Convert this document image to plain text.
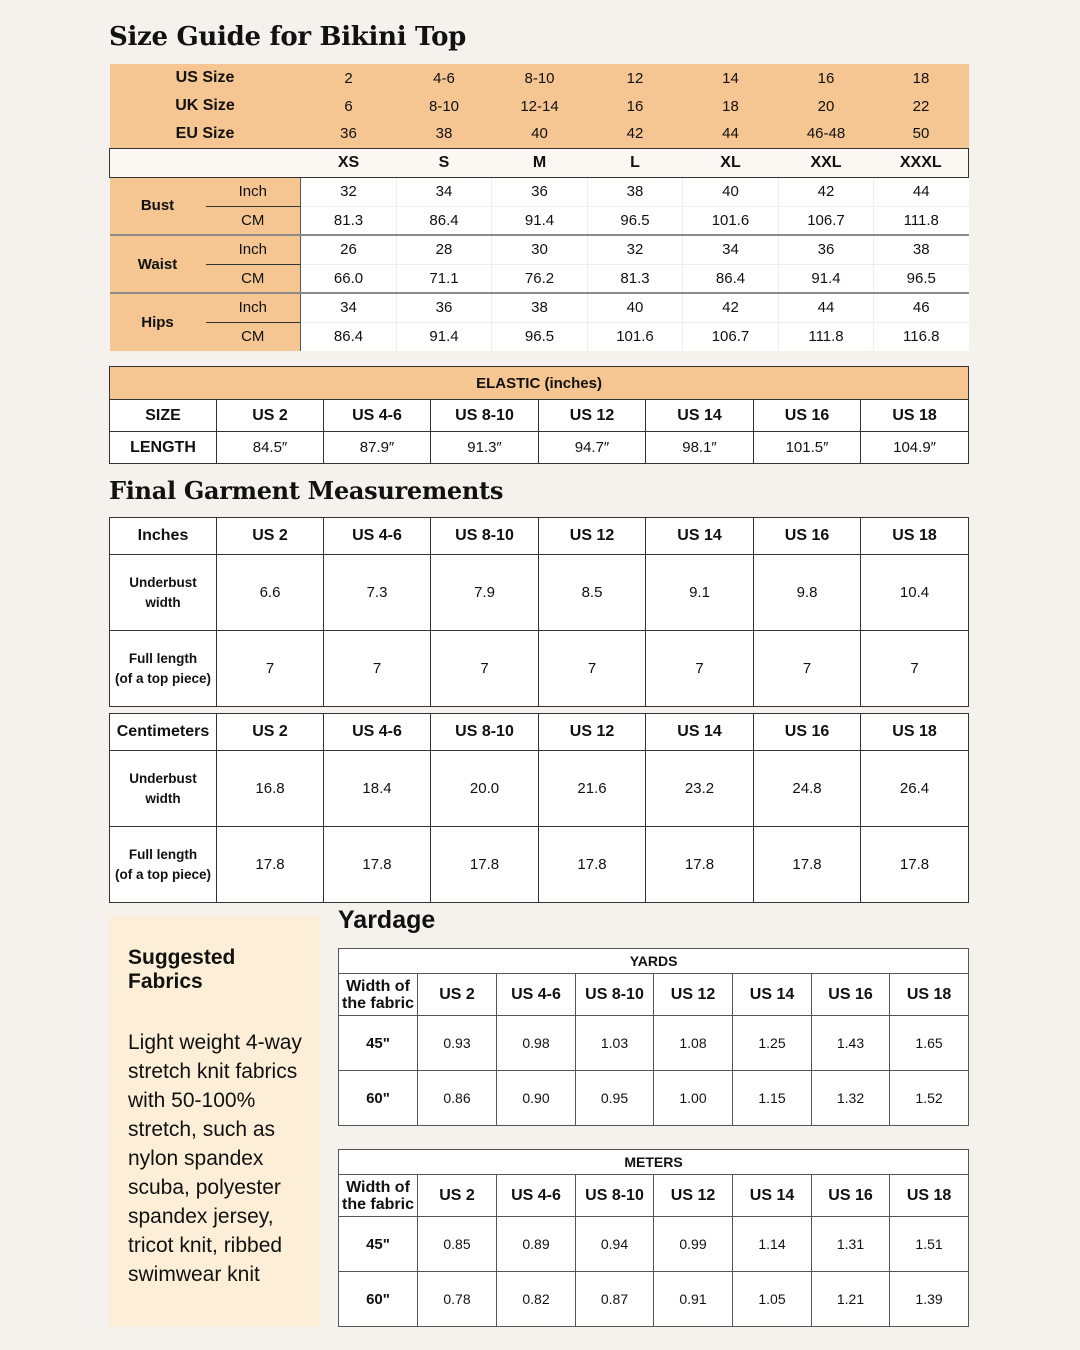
Size Guide for Bikini Top
US Size		2	4-6	8-10	12	14	16	18
UK Size		6	8-10	12-14	16	18	20	22
EU Size		36	38	40	42	44	46-48	50
		XS	S	M	L	XL	XXL	XXXL
Bust	Inch	32	34	36	38	40	42	44
	CM	81.3	86.4	91.4	96.5	101.6	106.7	111.8
Waist	Inch	26	28	30	32	34	36	38
	CM	66.0	71.1	76.2	81.3	86.4	91.4	96.5
Hips	Inch	34	36	38	40	42	44	46
	CM	86.4	91.4	96.5	101.6	106.7	111.8	116.8
ELASTIC (inches)							
SIZE	US 2	US 4-6	US 8-10	US 12	US 14	US 16	US 18
LENGTH	84.5″	87.9″	91.3″	94.7″	98.1″	101.5″	104.9″
Final Garment Measurements
Inches	US 2	US 4-6	US 8-10	US 12	US 14	US 16	US 18

Underbust
width	6.6	7.3	7.9	8.5	9.1	9.8	10.4

Full length
(of a top piece)	7	7	7	7	7	7	7
Centimeters	US 2	US 4-6	US 8-10	US 12	US 14	US 16	US 18

Underbust
width	16.8	18.4	20.0	21.6	23.2	24.8	26.4

Full length
(of a top piece)	17.8	17.8	17.8	17.8	17.8	17.8	17.8
Suggested Fabrics
Light weight 4-way stretch knit fabrics with 50-100% stretch, such as nylon spandex scuba, polyester spandex jersey, tricot knit, ribbed swimwear knit
Yardage
YARDS							

Width of
the fabric	US 2	US 4-6	US 8-10	US 12	US 14	US 16	US 18
45"	0.93	0.98	1.03	1.08	1.25	1.43	1.65
60"	0.86	0.90	0.95	1.00	1.15	1.32	1.52
METERS							

Width of
the fabric	US 2	US 4-6	US 8-10	US 12	US 14	US 16	US 18
45"	0.85	0.89	0.94	0.99	1.14	1.31	1.51
60"	0.78	0.82	0.87	0.91	1.05	1.21	1.39
